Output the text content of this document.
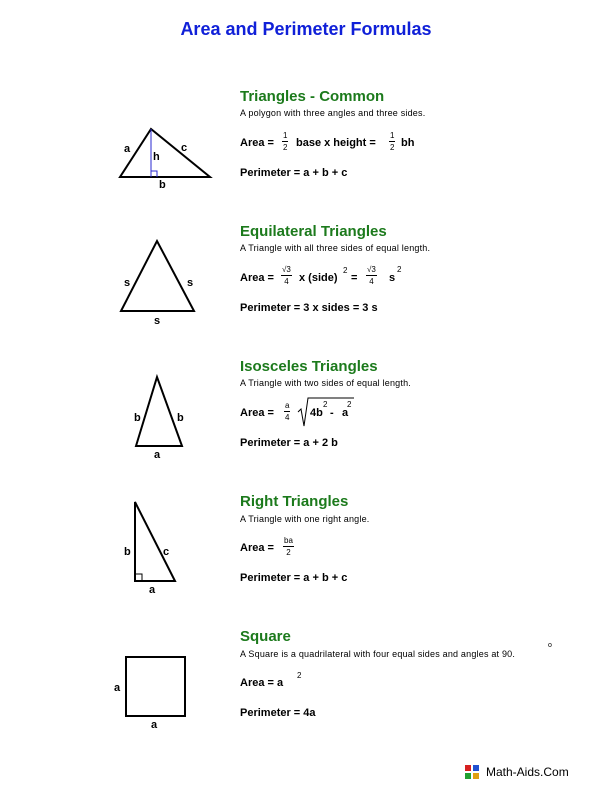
Area and Perimeter Formulas
Triangles - Common
A polygon with three angles and three sides.
Area = $\frac{1}{2}$ base x height = $\frac{1}{2}$ bh
Perimeter = a + b + c
a	c
h
b
Equilateral Triangles
A Triangle with all three sides of equal length.
Area = $\frac{√3}{4}$ x (side)
2
= $\frac{√3}{4}$ s
2
Perimeter = 3 x sides = 3 s
s	s
s
Isosceles Triangles
A Triangle with two sides of equal length.
Area = $\frac{a}{4} 4b$
2
- a
2
Perimeter = a + 2 b
b	b
a
Right Triangles
A Triangle with one right angle.
Area = $\frac{ba}{2}$
Perimeter = a + b + c
b	c
a
Square
A Square is a quadrilateral with four equal sides and angles at 90.
o
Area = a
2
Perimeter = 4a
a
a
Math-Aids.Com
